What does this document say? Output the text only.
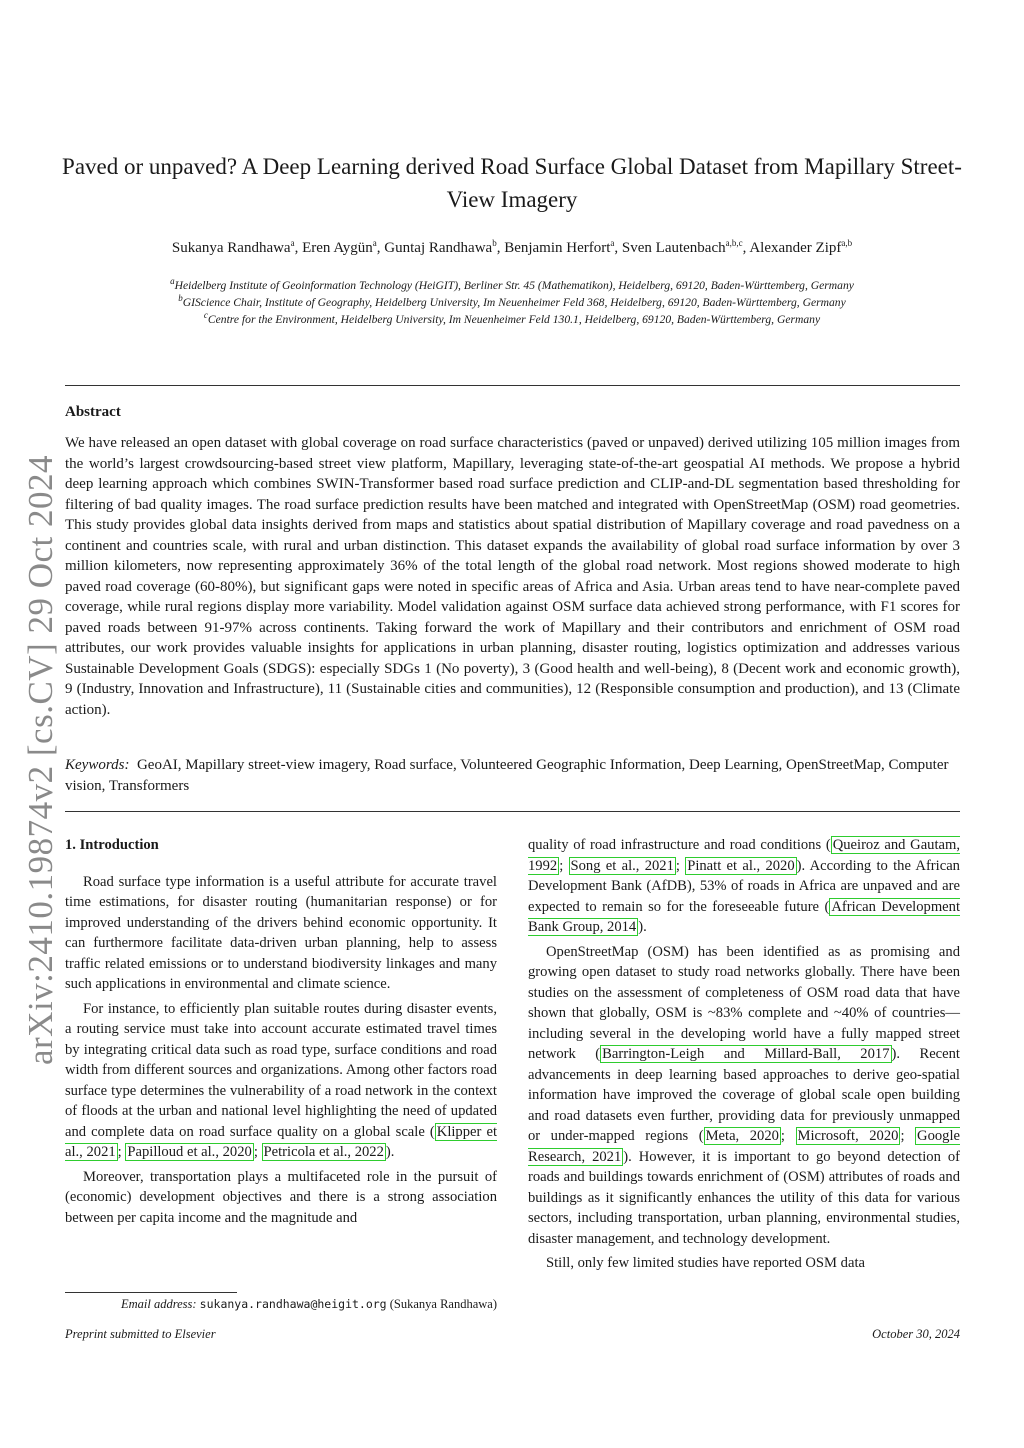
arXiv:2410.19874v2 [cs.CV] 29 Oct 2024
Paved or unpaved? A Deep Learning derived Road Surface Global Dataset from Mapillary Street-View Imagery
Sukanya Randhawa$^a$, Eren Aygün$^a$, Guntaj Randhawa$^b$, Benjamin Herfort$^a$, Sven Lautenbach$^{a,b,c}$, Alexander Zipf$^{a,b}$
$^a$Heidelberg Institute of Geoinformation Technology (HeiGIT), Berliner Str. 45 (Mathematikon), Heidelberg, 69120, Baden-Württemberg, Germany
$^b$GIScience Chair, Institute of Geography, Heidelberg University, Im Neuenheimer Feld 368, Heidelberg, 69120, Baden-Württemberg, Germany
$^c$Centre for the Environment, Heidelberg University, Im Neuenheimer Feld 130.1, Heidelberg, 69120, Baden-Württemberg, Germany
Abstract
We have released an open dataset with global coverage on road surface characteristics (paved or unpaved) derived utilizing 105 million images from the world’s largest crowdsourcing-based street view platform, Mapillary, leveraging state-of-the-art geospatial AI methods. We propose a hybrid deep learning approach which combines SWIN-Transformer based road surface prediction and CLIP-and-DL segmentation based thresholding for filtering of bad quality images. The road surface prediction results have been matched and integrated with OpenStreetMap (OSM) road geometries. This study provides global data insights derived from maps and statistics about spatial distribution of Mapillary coverage and road pavedness on a continent and countries scale, with rural and urban distinction. This dataset expands the availability of global road surface information by over 3 million kilometers, now representing approximately 36% of the total length of the global road network. Most regions showed moderate to high paved road coverage (60-80%), but significant gaps were noted in specific areas of Africa and Asia. Urban areas tend to have near-complete paved coverage, while rural regions display more variability. Model validation against OSM surface data achieved strong performance, with F1 scores for paved roads between 91-97% across continents. Taking forward the work of Mapillary and their contributors and enrichment of OSM road attributes, our work provides valuable insights for applications in urban planning, disaster routing, logistics optimization and addresses various Sustainable Development Goals (SDGS): especially SDGs 1 (No poverty), 3 (Good health and well-being), 8 (Decent work and economic growth), 9 (Industry, Innovation and Infrastructure), 11 (Sustainable cities and communities), 12 (Responsible consumption and production), and 13 (Climate action).
Keywords: GeoAI, Mapillary street-view imagery, Road surface, Volunteered Geographic Information, Deep Learning, OpenStreetMap, Computer vision, Transformers
1. Introduction

Road surface type information is a useful attribute for accurate travel time estimations, for disaster routing (humanitarian response) or for improved understanding of the drivers behind economic opportunity. It can furthermore facilitate data-driven urban planning, help to assess traffic related emissions or to understand biodiversity linkages and many such applications in environmental and climate science.

For instance, to efficiently plan suitable routes during disaster events, a routing service must take into account accurate estimated travel times by integrating critical data such as road type, surface conditions and road width from different sources and organizations. Among other factors road surface type determines the vulnerability of a road network in the context of floods at the urban and national level highlighting the need of updated and complete data on road surface quality on a global scale ( Klipper et al., 2021 ; Papilloud et al., 2020 ; Petricola et al., 2022 ).

Moreover, transportation plays a multifaceted role in the pursuit of (economic) development objectives and there is a strong association between per capita income and the magnitude and

quality of road infrastructure and road conditions ( Queiroz and Gautam, 1992 ; Song et al., 2021 ; Pinatt et al., 2020 ). According to the African Development Bank (AfDB), 53% of roads in Africa are unpaved and are expected to remain so for the foreseeable future ( African Development Bank Group, 2014 ).

OpenStreetMap (OSM) has been identified as as promising and growing open dataset to study road networks globally. There have been studies on the assessment of completeness of OSM road data that have shown that globally, OSM is ~83% complete and ~40% of countries—including several in the developing world have a fully mapped street network ( Barrington-Leigh and Millard-Ball, 2017 ). Recent advancements in deep learning based approaches to derive geo-spatial information have improved the coverage of global scale open building and road datasets even further, providing data for previously unmapped or under-mapped regions ( Meta, 2020 ; Microsoft, 2020 ; Google Research, 2021 ). However, it is important to go beyond detection of roads and buildings towards enrichment of (OSM) attributes of roads and buildings as it significantly enhances the utility of this data for various sectors, including transportation, urban planning, environmental studies, disaster management, and technology development.

Still, only few limited studies have reported OSM data

Email address: sukanya.randhawa@heigit.org (Sukanya Randhawa)
Preprint submitted to Elsevier	October 30, 2024
